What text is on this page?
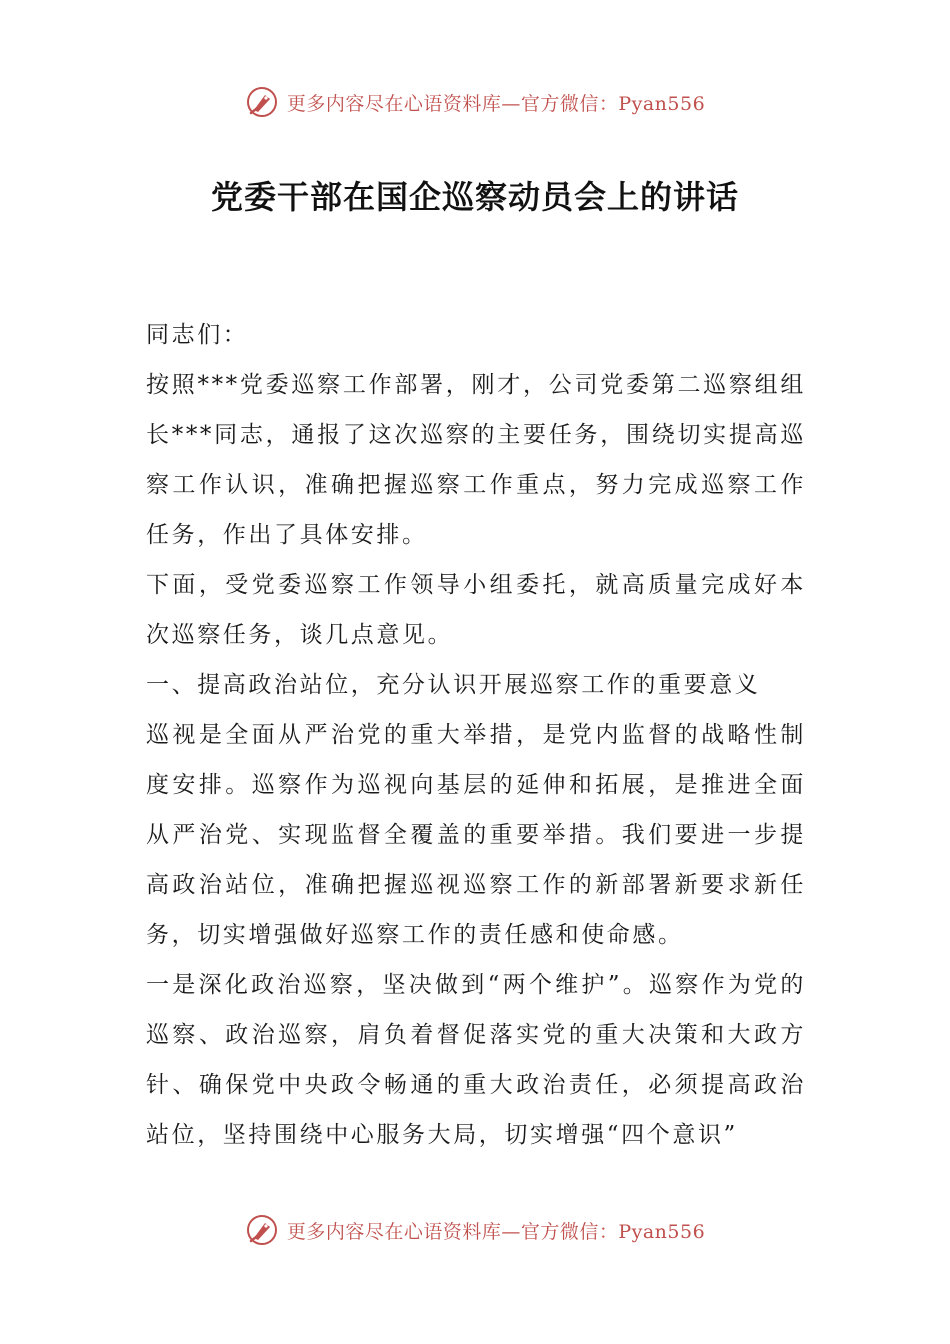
更多内容尽在心语资料库—官方微信：Pyan556
党委干部在国企巡察动员会上的讲话

同志们：

按照***党委巡察工作部署，刚才，公司党委第二巡察组组长***同志，通报了这次巡察的主要任务，围绕切实提高巡察工作认识，准确把握巡察工作重点，努力完成巡察工作任务，作出了具体安排。

下面，受党委巡察工作领导小组委托，就高质量完成好本次巡察任务，谈几点意见。

一、提高政治站位，充分认识开展巡察工作的重要意义

巡视是全面从严治党的重大举措，是党内监督的战略性制度安排。巡察作为巡视向基层的延伸和拓展，是推进全面从严治党、实现监督全覆盖的重要举措。我们要进一步提高政治站位，准确把握巡视巡察工作的新部署新要求新任务，切实增强做好巡察工作的责任感和使命感。

一是深化政治巡察，坚决做到“两个维护”。巡察作为党的巡察、政治巡察，肩负着督促落实党的重大决策和大政方针、确保党中央政令畅通的重大政治责任，必须提高政治站位，坚持围绕中心服务大局，切实增强“四个意识”

更多内容尽在心语资料库—官方微信：Pyan556
